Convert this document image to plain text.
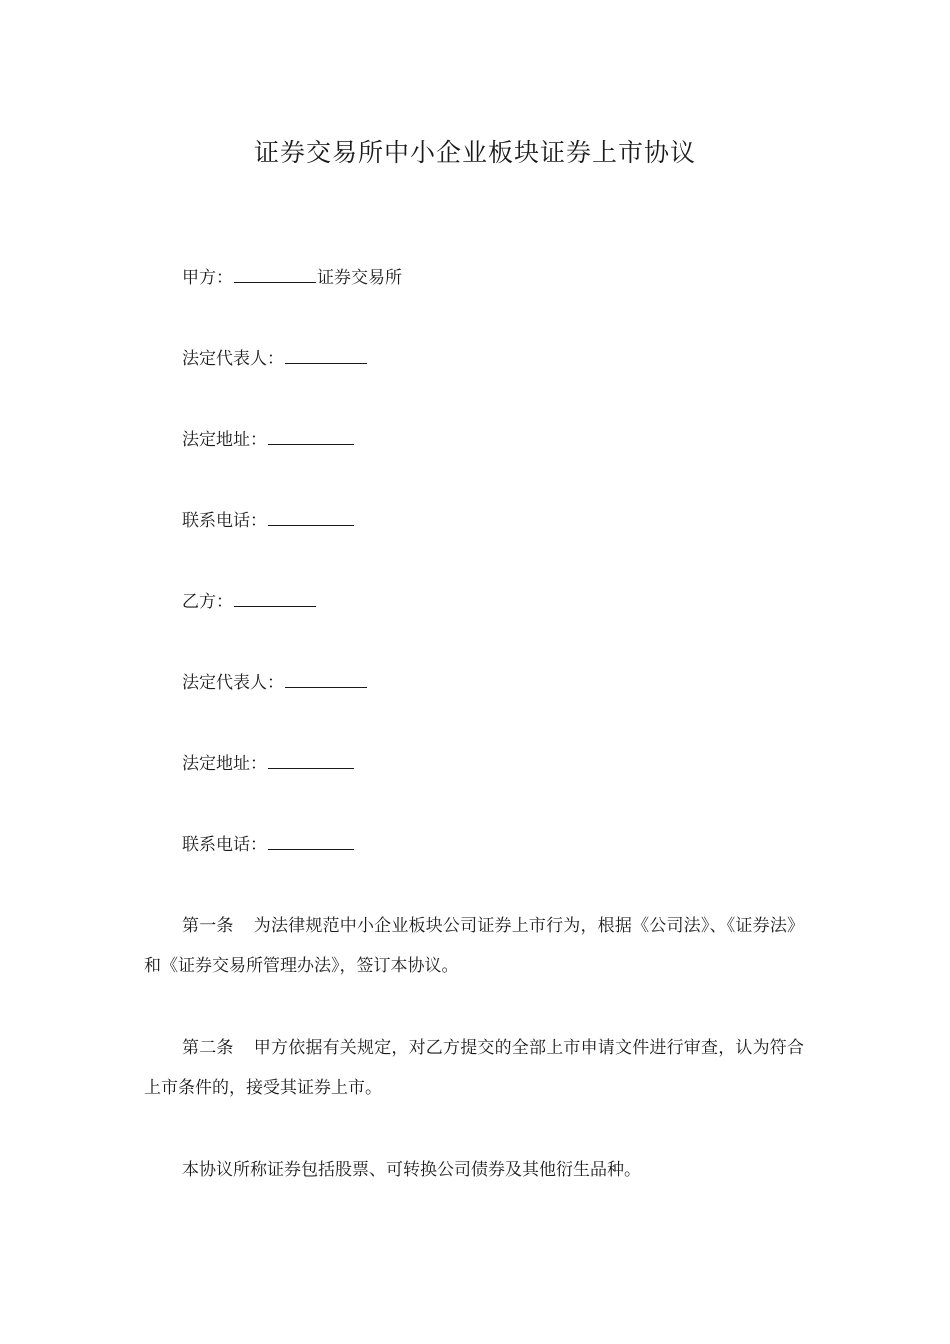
证券交易所中小企业板块证券上市协议
甲方：	证券交易所
法定代表人：
法定地址：
联系电话：
乙方：
法定代表人：
法定地址：
联系电话：
第一条 为法律规范中小企业板块公司证券上市行为，根据《公司法》、《证券法》和《证券交易所管理办法》，签订本协议。
第二条 甲方依据有关规定，对乙方提交的全部上市申请文件进行审查，认为符合上市条件的，接受其证券上市。
本协议所称证券包括股票、可转换公司债券及其他衍生品种。
